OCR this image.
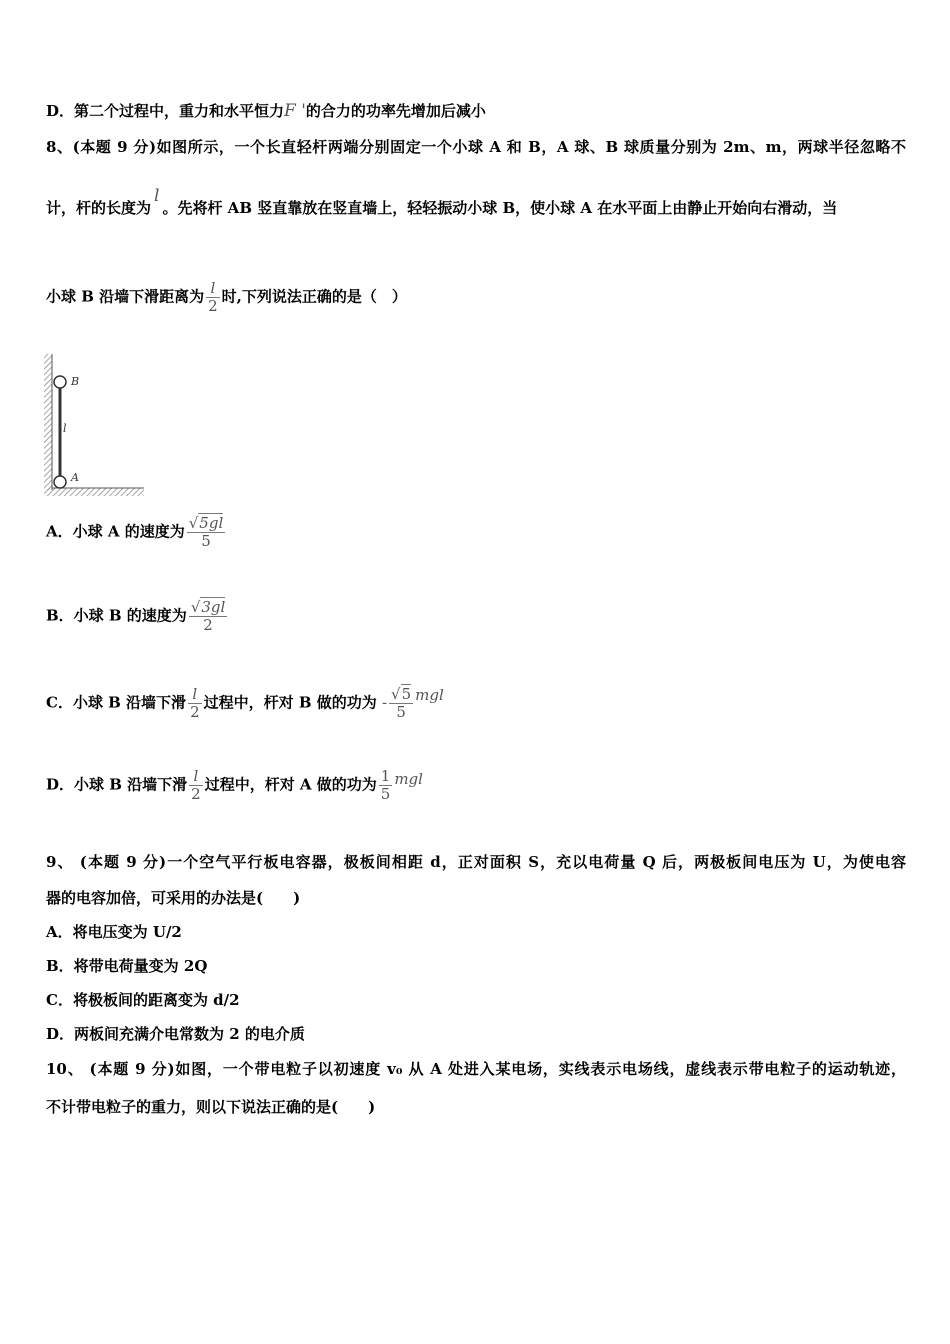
D．第二个过程中，重力和水平恒力F '的合力的功率先增加后减小
8、(本题 9 分)如图所示，一个长直轻杆两端分别固定一个小球 A 和 B，A 球、B 球质量分别为 2m、m，两球半径忽略不
计，杆的长度为l。先将杆 AB 竖直靠放在竖直墙上，轻轻振动小球 B，使小球 A 在水平面上由静止开始向右滑动，当
小球 B 沿墙下滑距离为 $\frac{l}{2}$ 时,下列说法正确的是（　）
B
l
A
A．小球 A 的速度为 $\frac{√5gl}{5}$
B．小球 B 的速度为 $\frac{√3gl}{2}$
C．小球 B 沿墙下滑 $\frac{l}{2}$ 过程中，杆对 B 做的功为 - $\frac{√5}{5}$ mgl
D．小球 B 沿墙下滑 $\frac{l}{2}$ 过程中，杆对 A 做的功为 $\frac{1}{5}$ mgl
9、 (本题 9 分)一个空气平行板电容器，极板间相距 d，正对面积 S，充以电荷量 Q 后，两极板间电压为 U，为使电容
器的电容加倍，可采用的办法是(　　)
A．将电压变为 U/2
B．将带电荷量变为 2Q
C．将极板间的距离变为 d/2
D．两板间充满介电常数为 2 的电介质
10、 (本题 9 分)如图，一个带电粒子以初速度 v₀ 从 A 处进入某电场，实线表示电场线，虚线表示带电粒子的运动轨迹，
不计带电粒子的重力，则以下说法正确的是(　　)
